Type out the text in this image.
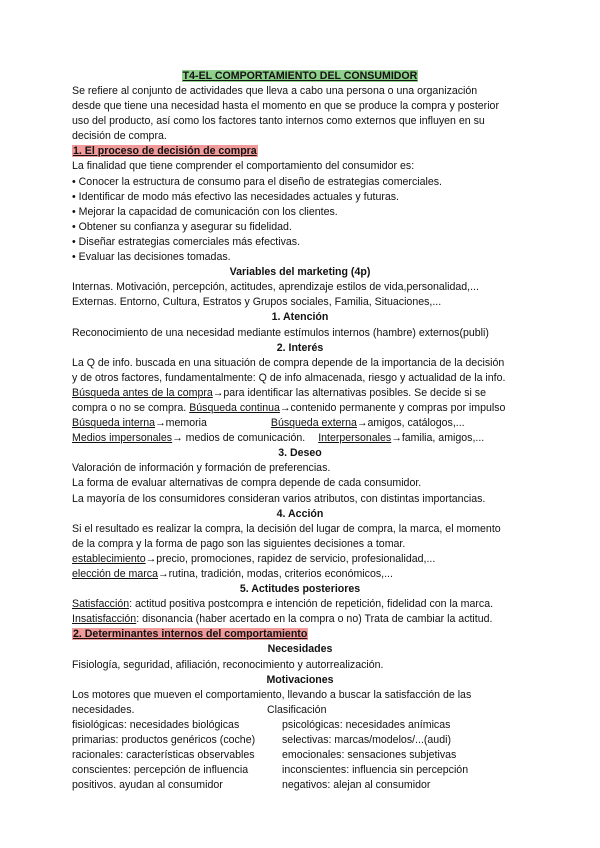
T4-EL COMPORTAMIENTO DEL CONSUMIDOR

Se refiere al conjunto de actividades que lleva a cabo una persona o una organización

desde que tiene una necesidad hasta el momento en que se produce la compra y posterior

uso del producto, así como los factores tanto internos como externos que influyen en su

decisión de compra.

1. El proceso de decisión de compra

La finalidad que tiene comprender el comportamiento del consumidor es:

• Conocer la estructura de consumo para el diseño de estrategias comerciales.

• Identificar de modo más efectivo las necesidades actuales y futuras.

• Mejorar la capacidad de comunicación con los clientes.

• Obtener su confianza y asegurar su fidelidad.

• Diseñar estrategias comerciales más efectivas.

• Evaluar las decisiones tomadas.

Variables del marketing (4p)

Internas. Motivación, percepción, actitudes, aprendizaje estilos de vida,personalidad,...

Externas. Entorno, Cultura, Estratos y Grupos sociales, Familia, Situaciones,...

1. Atención

Reconocimiento de una necesidad mediante estímulos internos (hambre) externos(publi)

2. Interés

La Q de info. buscada en una situación de compra depende de la importancia de la decisión

y de otros factores, fundamentalmente: Q de info almacenada, riesgo y actualidad de la info.

Búsqueda antes de la compra→para identificar las alternativas posibles. Se decide si se

compra o no se compra. Búsqueda continua→contenido permanente y compras por impulso

Búsqueda interna→memoria	Búsqueda externa→amigos, catálogos,...

Medios impersonales→ medios de comunicación. Interpersonales→familia, amigos,...

3. Deseo

Valoración de información y formación de preferencias.

La forma de evaluar alternativas de compra depende de cada consumidor.

La mayoría de los consumidores consideran varios atributos, con distintas importancias.

4. Acción

Si el resultado es realizar la compra, la decisión del lugar de compra, la marca, el momento

de la compra y la forma de pago son las siguientes decisiones a tomar.

establecimiento→precio, promociones, rapidez de servicio, profesionalidad,...

elección de marca→rutina, tradición, modas, criterios económicos,...

5. Actitudes posteriores

Satisfacción: actitud positiva postcompra e intención de repetición, fidelidad con la marca.

Insatisfacción: disonancia (haber acertado en la compra o no) Trata de cambiar la actitud.

2. Determinantes internos del comportamiento

Necesidades

Fisiología, seguridad, afiliación, reconocimiento y autorrealización.

Motivaciones

Los motores que mueven el comportamiento, llevando a buscar la satisfacción de las

necesidades.	Clasificación
fisiológicas: necesidades biológicas	psicológicas: necesidades anímicas
primarias: productos genéricos (coche)	selectivas: marcas/modelos/...(audi)
racionales: características observables	emocionales: sensaciones subjetivas
conscientes: percepción de influencia	inconscientes: influencia sin percepción
positivos. ayudan al consumidor	negativos: alejan al consumidor
